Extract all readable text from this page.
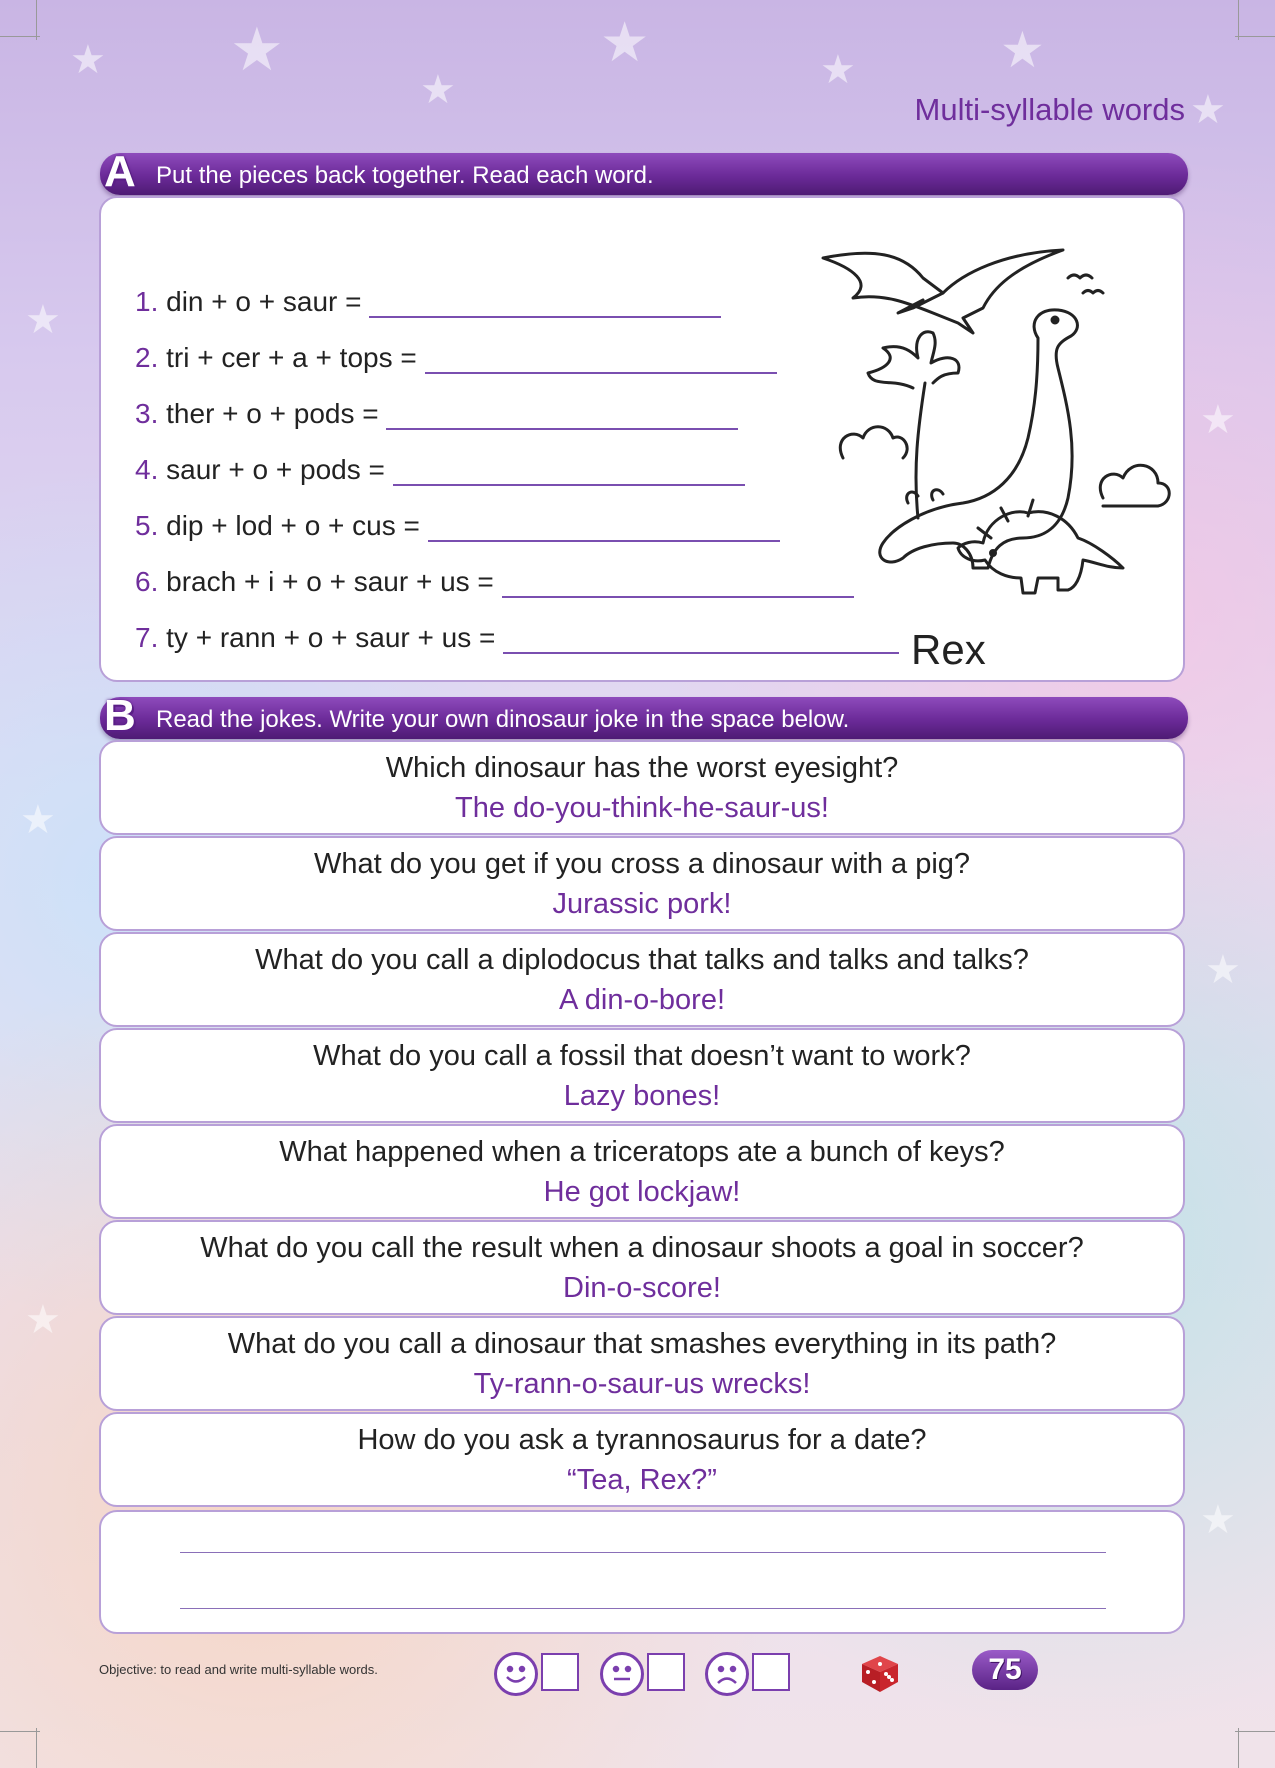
★ ★
★
★	★	★
★
★
★
★
★
★
★
Multi-syllable words
A Put the pieces back together. Read each word.
1. din + o + saur =
2. tri + cer + a + tops =
3. ther + o + pods =
4. saur + o + pods =
5. dip + lod + o + cus =
6. brach + i + o + saur + us =
7. ty + rann + o + saur + us =	Rex
B Read the jokes. Write your own dinosaur joke in the space below.
Which dinosaur has the worst eyesight?
The do-you-think-he-saur-us!
What do you get if you cross a dinosaur with a pig?
Jurassic pork!
What do you call a diplodocus that talks and talks and talks?
A din-o-bore!
What do you call a fossil that doesn’t want to work?
Lazy bones!
What happened when a triceratops ate a bunch of keys?
He got lockjaw!
What do you call the result when a dinosaur shoots a goal in soccer?
Din-o-score!
What do you call a dinosaur that smashes everything in its path?
Ty-rann-o-saur-us wrecks!
How do you ask a tyrannosaurus for a date?
“Tea, Rex?”
Objective: to read and write multi-syllable words.	75
